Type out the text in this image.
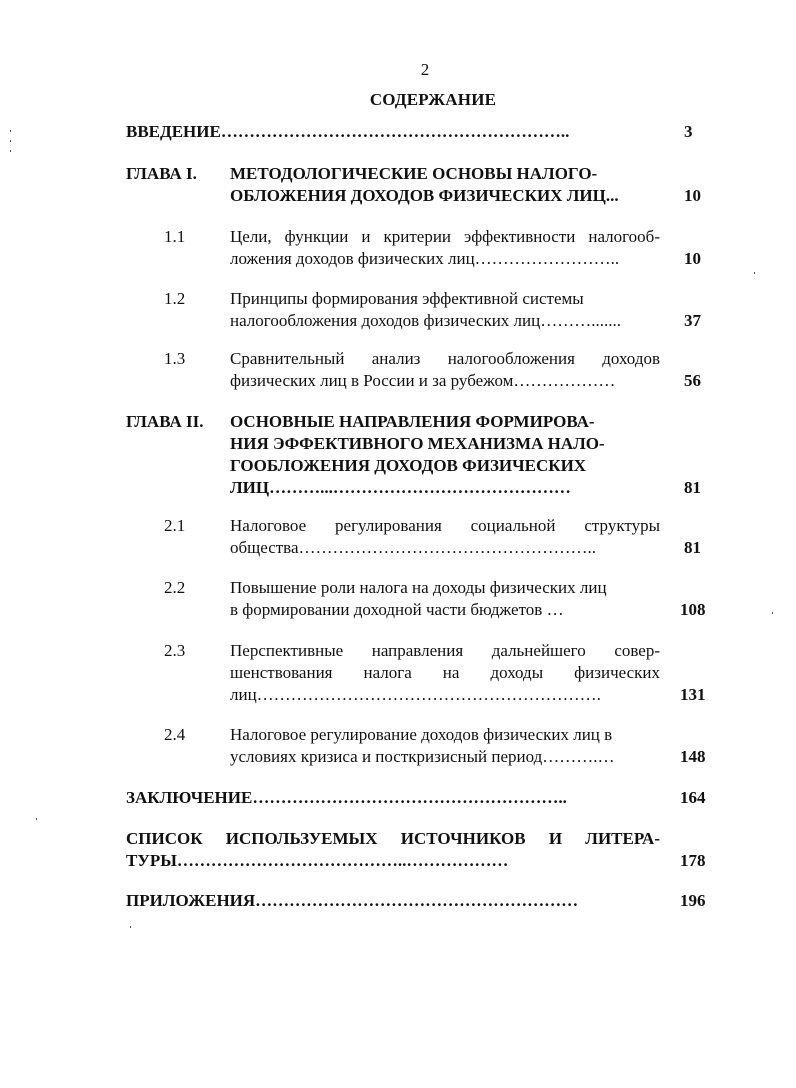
2
СОДЕРЖАНИЕ
ВВЕДЕНИЕ……………………………………………………..	3
ГЛАВА I. МЕТОДОЛОГИЧЕСКИЕ ОСНОВЫ НАЛОГО-
ОБЛОЖЕНИЯ ДОХОДОВ ФИЗИЧЕСКИХ ЛИЦ...	10
1.1	Цели, функции и критерии эффективности налогооб-
ложения доходов физических лиц……………………..	10
1.2	Принципы формирования эффективной системы
налогообложения доходов физических лиц……….......	37
1.3	Сравнительный анализ налогообложения доходов
физических лиц в России и за рубежом………………	56
ГЛАВА II. ОСНОВНЫЕ НАПРАВЛЕНИЯ ФОРМИРОВА-
НИЯ ЭФФЕКТИВНОГО МЕХАНИЗМА НАЛО-
ГООБЛОЖЕНИЯ ДОХОДОВ ФИЗИЧЕСКИХ
ЛИЦ………...……………………………………	81
2.1	Налоговое регулирования социальной структуры
общества……………………………………………..	81
2.2	Повышение роли налога на доходы физических лиц
в формировании доходной части бюджетов …	108
2.3	Перспективные направления дальнейшего совер-
шенствования налога на доходы физических
лиц…………………………………………………….	131
2.4	Налоговое регулирование доходов физических лиц в
условиях кризиса и посткризисный период……….…	148
ЗАКЛЮЧЕНИЕ………………………………………………..	164
СПИСОК ИСПОЛЬЗУЕМЫХ ИСТОЧНИКОВ И ЛИТЕРА-
ТУРЫ…………………………………..………………	178
ПРИЛОЖЕНИЯ…………………………………………………	196
